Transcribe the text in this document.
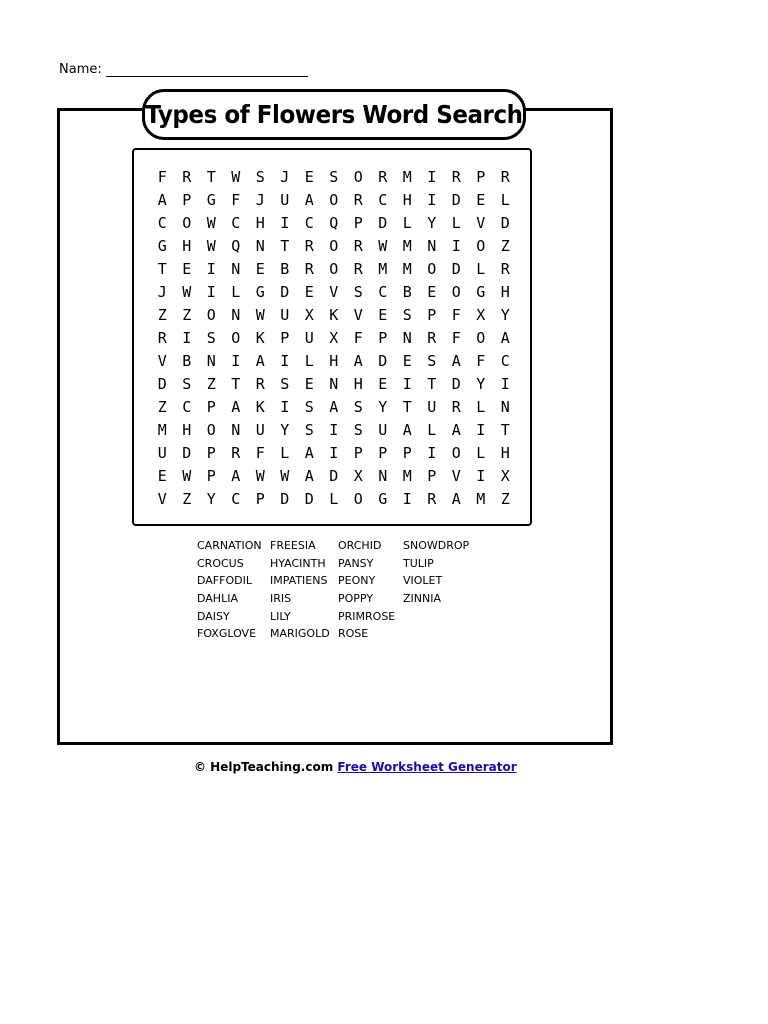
Name:
Types of Flowers Word Search
F	R	T	W	S	J	E	S	O	R	M	I	R	P	R
A	P	G	F	J	U	A	O	R	C	H	I	D	E	L
C	O	W	C	H	I	C	Q	P	D	L	Y	L	V	D
G	H	W	Q	N	T	R	O	R	W	M	N	I	O	Z
T	E	I	N	E	B	R	O	R	M	M	O	D	L	R
J	W	I	L	G	D	E	V	S	C	B	E	O	G	H
Z	Z	O	N	W	U	X	K	V	E	S	P	F	X	Y
R	I	S	O	K	P	U	X	F	P	N	R	F	O	A
V	B	N	I	A	I	L	H	A	D	E	S	A	F	C
D	S	Z	T	R	S	E	N	H	E	I	T	D	Y	I
Z	C	P	A	K	I	S	A	S	Y	T	U	R	L	N
M	H	O	N	U	Y	S	I	S	U	A	L	A	I	T
U	D	P	R	F	L	A	I	P	P	P	I	O	L	H
E	W	P	A	W	W	A	D	X	N	M	P	V	I	X
V	Z	Y	C	P	D	D	L	O	G	I	R	A	M	Z
CARNATION
CROCUS
DAFFODIL
DAHLIA
DAISY
FOXGLOVE
FREESIA
HYACINTH
IMPATIENS
IRIS
LILY
MARIGOLD
ORCHID
PANSY
PEONY
POPPY
PRIMROSE
ROSE
SNOWDROP
TULIP
VIOLET
ZINNIA
© HelpTeaching.com Free Worksheet Generator
